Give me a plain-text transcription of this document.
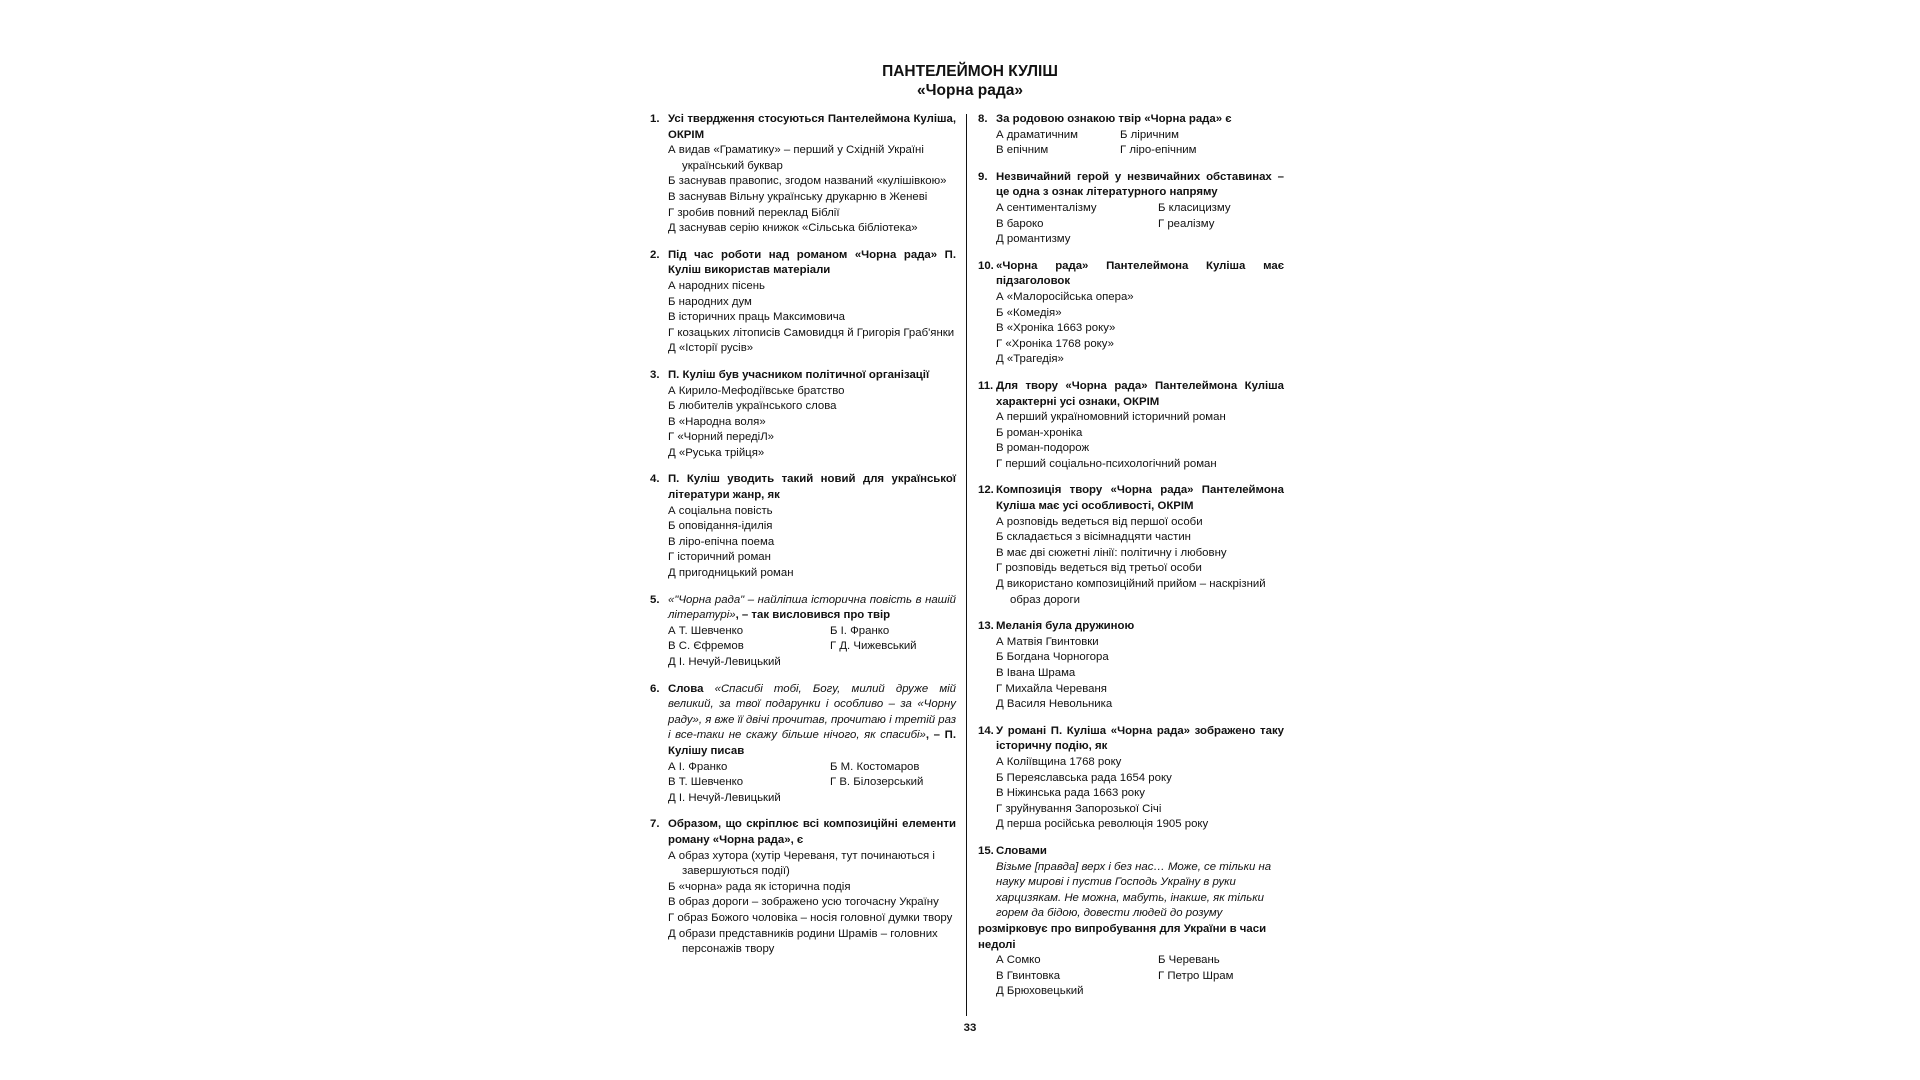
ПАНТЕЛЕЙМОН КУЛІШ
«Чорна рада»
1. Усі твердження стосуються Пантелеймона Куліша, ОКРІМ
А видав «Граматику» – перший у Східній Україні український буквар
Б заснував правопис, згодом названий «кулішівкою»
В заснував Вільну українську друкарню в Женеві
Г зробив повний переклад Біблії
Д заснував серію книжок «Сільська бібліотека»
2. Під час роботи над романом «Чорна рада» П. Куліш використав матеріали
А народних пісень
Б народних дум
В історичних праць Максимовича
Г козацьких літописів Самовидця й Григорія Граб'янки
Д «Історії русів»
3. П. Куліш був учасником політичної організації
А Кирило-Мефодіївське братство
Б любителів українського слова
В «Народна воля»
Г «Чорний передіЛ»
Д «Руська трійця»
4. П. Куліш уводить такий новий для української літератури жанр, як
А соціальна повість
Б оповідання-ідилія
В ліро-епічна поема
Г історичний роман
Д пригодницький роман
5. «"Чорна рада" – найліпша історична повість в нашій літературі», – так висловився про твір
А Т. Шевченко	Б І. Франко
В С. Єфремов	Г Д. Чижевський
Д І. Нечуй-Левицький
6. Слова «Спасибі тобі, Богу, милий друже мій великий, за твої подарунки і особливо – за «Чорну раду», я вже її двічі прочитав, прочитаю і третій раз і все-таки не скажу більше нічого, як спасибі», – П. Кулішу писав
А І. Франко	Б М. Костомаров
В Т. Шевченко	Г В. Білозерський
Д І. Нечуй-Левицький
7. Образом, що скріплює всі композиційні елементи роману «Чорна рада», є
А образ хутора (хутір Череваня, тут починаються і завершуються події)
Б «чорна» рада як історична подія
В образ дороги – зображено усю тогочасну Україну
Г образ Божого чоловіка – носія головної думки твору
Д образи представників родини Шрамів – головних персонажів твору
8. За родовою ознакою твір «Чорна рада» є
А драматичним	Б ліричним
В епічним	Г ліро-епічним
9. Незвичайний герой у незвичайних обставинах – це одна з ознак літературного напряму
А сентименталізму	Б класицизму
В бароко	Г реалізму
Д романтизму
10. «Чорна рада» Пантелеймона Куліша має підзаголовок
А «Малоросійська опера»
Б «Комедія»
В «Хроніка 1663 року»
Г «Хроніка 1768 року»
Д «Трагедія»
11. Для твору «Чорна рада» Пантелеймона Куліша характерні усі ознаки, ОКРІМ
А перший україномовний історичний роман
Б роман-хроніка
В роман-подорож
Г перший соціально-психологічний роман
12. Композиція твору «Чорна рада» Пантелеймона Куліша має усі особливості, ОКРІМ
А розповідь ведеться від першої особи
Б складається з вісімнадцяти частин
В має дві сюжетні лінії: політичну і любовну
Г розповідь ведеться від третьої особи
Д використано композиційний прийом – наскрізний образ дороги
13. Меланія була дружиною
А Матвія Гвинтовки
Б Богдана Чорногора
В Івана Шрама
Г Михайла Череваня
Д Василя Невольника
14. У романі П. Куліша «Чорна рада» зображено таку історичну подію, як
А Коліївщина 1768 року
Б Переяславська рада 1654 року
В Ніжинська рада 1663 року
Г зруйнування Запорозької Січі
Д перша російська революція 1905 року
15. Словами
Візьме [правда] верх і без нас… Може, се тільки на науку мирові і пустив Господь Україну в руки харцизякам. Не можна, мабуть, інакше, як тільки горем да бідою, довести людей до розуму
розмірковує про випробування для України в часи недолі
А Сомко	Б Черевань
В Гвинтовка	Г Петро Шрам
Д Брюховецький
33
